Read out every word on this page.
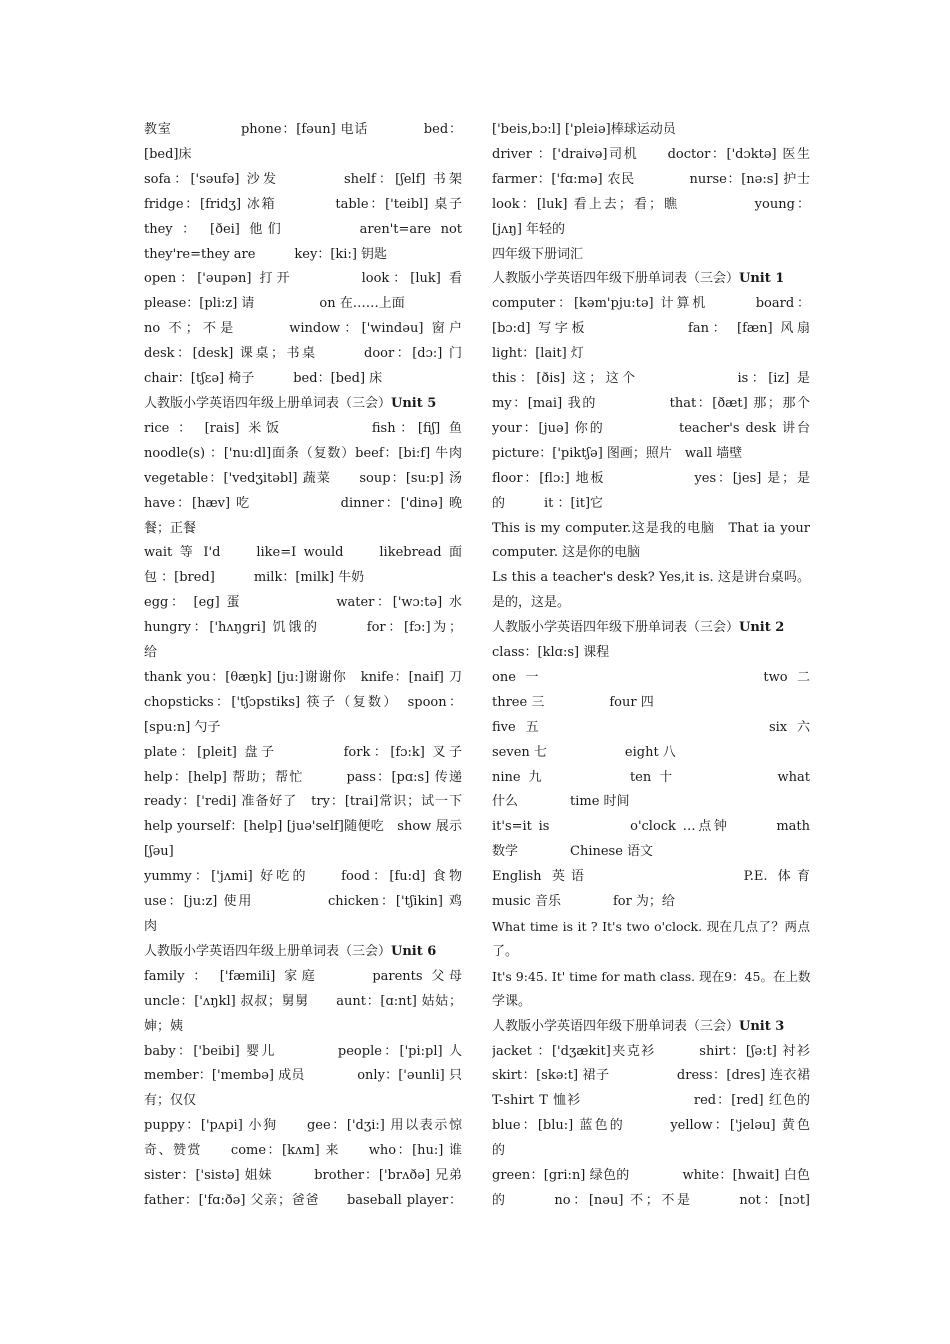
教室　　　　　phone：[fəun] 电话　　　　bed：
[bed]床
sofa：['səufə] 沙发　　　　shelf：[ʃelf] 书架
fridge：[fridʒ] 冰箱　　　　table：['teibl] 桌子
they ： [ðei] 他们　　　　aren't=are not
they're=they are　　　key：[ki:] 钥匙
open：['əupən] 打开　　　　look：[luk] 看
please：[pli:z] 请　　　　　on 在……上面
no 不；不是　　　window：['windəu] 窗户
desk：[desk] 课桌；书桌　　　door：[dɔ:] 门
chair：[tʃεə] 椅子　　　bed：[bed] 床
人教版小学英语四年级上册单词表（三会）Unit 5
rice ： [rais] 米饭　　　　　fish：[fiʃ] 鱼
noodle(s) ：['nu:dl]面条（复数）beef：[bi:f] 牛肉
vegetable：['vedʒitəbl] 蔬菜　　soup：[su:p] 汤
have：[hæv] 吃　　　　　　dinner：['dinə] 晚
餐；正餐
wait 等 I'd　　like=I would　　likebread 面
包 ：[bred]　　　milk：[milk] 牛奶
egg： [eg] 蛋　　　　　　water：['wɔ:tə] 水
hungry：['hʌŋgri] 饥饿的　　　for：[fɔ:]为；
给
thank you：[θæŋk] [ju:]谢谢你　knife：[naif] 刀
chopsticks：['tʃɔpstiks] 筷子（复数）　spoon：
[spu:n] 勺子
plate：[pleit] 盘子　　　　fork：[fɔ:k] 叉子
help：[help] 帮助；帮忙　　　pass：[pɑ:s] 传递
ready：['redi] 准备好了　try：[trai]常识；试一下
help yourself：[help] [juə'self]随便吃　show 展示
[ʃəu]
yummy：['jʌmi] 好吃的　　food：[fu:d] 食物
use：[ju:z] 使用　　　　　chicken：['tʃikin] 鸡
肉
人教版小学英语四年级上册单词表（三会）Unit 6
family ： ['fæmili] 家庭　　　parents 父母
uncle：['ʌŋkl] 叔叔；舅舅　　aunt：[ɑ:nt] 姑姑；
婶；姨
baby：['beibi] 婴儿　　　　people：['pi:pl] 人
member：['membə] 成员　　　　only：['əunli] 只
有；仅仅
puppy：['pʌpi] 小狗　　gee：['dʒi:] 用以表示惊
奇、赞赏　　come：[kʌm] 来　　who：[hu:] 谁
sister：['sistə] 姐妹　　　brother：['brʌðə] 兄弟
father：['fɑ:ðə] 父亲；爸爸　　baseball player：
['beis,bɔ:l] ['pleiə]棒球运动员
driver ：['draivə]司机　　doctor：['dɔktə] 医生
farmer：['fɑ:mə] 农民　　　　nurse：[nə:s] 护士
look：[luk] 看上去；看；瞧　　　　　young：
[jʌŋ] 年轻的
四年级下册词汇
人教版小学英语四年级下册单词表（三会）Unit 1
computer：[kəm'pju:tə] 计算机　　　board：
[bɔ:d] 写字板　　　　　　fan： [fæn] 风扇
light：[lait] 灯
this：[ðis] 这；这个　　　　　　is：[iz] 是
my：[mai] 我的　　　　　that：[ðæt] 那；那个
your：[juə] 你的　　　　　teacher's desk 讲台
picture：['piktʃə] 图画；照片　wall 墙壁
floor：[flɔ:] 地板　　　　　　yes：[jes] 是；是
的　　　it ：[it]它
This is my computer.这是我的电脑　That ia your
computer. 这是你的电脑
Ls this a teacher's desk? Yes,it is. 这是讲台桌吗。
是的，这是。
人教版小学英语四年级下册单词表（三会）Unit 2
class：[klɑ:s] 课程
one 一　　　　　　　　　　　　two 二
three 三　　　　　four 四
five 五　　　　　　　　　　　　six 六
seven 七　　　　　　eight 八
nine 九　　　　　ten 十　　　　　　what
什么　　　　time 时间
it's=it is　　　　　o'clock …点钟　　　math
数学　　　　Chinese 语文
English 英语　　　　　　　　P.E. 体育
music 音乐　　　　for 为；给
What time is it ? It's two o'clock. 现在几点了？两点
了。
It's 9:45. It' time for math class. 现在9：45。在上数
学课。
人教版小学英语四年级下册单词表（三会）Unit 3
jacket ：['dʒækit]夹克衫　　　shirt：[ʃə:t] 衬衫
skirt：[skə:t] 裙子　　　　　dress：[dres] 连衣裙
T-shirt T 恤衫　　　　　　　　red：[red] 红色的
blue：[blu:] 蓝色的　　　yellow：['jeləu] 黄色
的
green：[gri:n] 绿色的　　　　white：[hwait] 白色
的　　　no：[nəu] 不；不是　　　not：[nɔt]
